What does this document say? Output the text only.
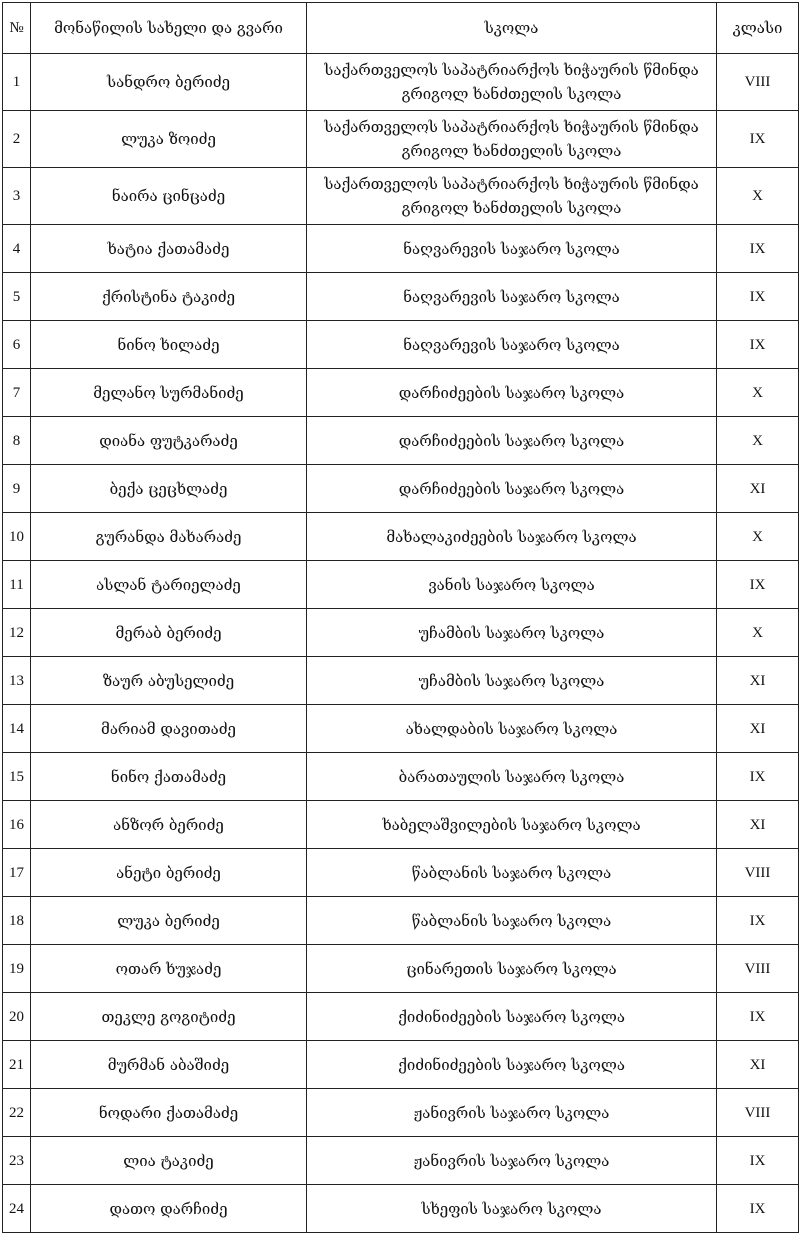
№	მონაწილის სახელი და გვარი	სკოლა	კლასი
1	სანდრო ბერიძე	საქართველოს საპატრიარქოს ხიჭაურის წმინდა გრიგოლ ხანძთელის სკოლა	VIII
2	ლუკა ზოიძე	საქართველოს საპატრიარქოს ხიჭაურის წმინდა გრიგოლ ხანძთელის სკოლა	IX
3	ნაირა ცინცაძე	საქართველოს საპატრიარქოს ხიჭაურის წმინდა გრიგოლ ხანძთელის სკოლა	X
4	ხატია ქათამაძე	ნაღვარევის საჯარო სკოლა	IX
5	ქრისტინა ტაკიძე	ნაღვარევის საჯარო სკოლა	IX
6	ნინო ხილაძე	ნაღვარევის საჯარო სკოლა	IX
7	მელანო სურმანიძე	დარჩიძეების საჯარო სკოლა	X
8	დიანა ფუტკარაძე	დარჩიძეების საჯარო სკოლა	X
9	ბექა ცეცხლაძე	დარჩიძეების საჯარო სკოლა	XI
10	გურანდა მახარაძე	მახალაკიძეების საჯარო სკოლა	X
11	ასლან ტარიელაძე	ვანის საჯარო სკოლა	IX
12	მერაბ ბერიძე	უჩამბის საჯარო სკოლა	X
13	ზაურ აბუსელიძე	უჩამბის საჯარო სკოლა	XI
14	მარიამ დავითაძე	ახალდაბის საჯარო სკოლა	XI
15	ნინო ქათამაძე	ბარათაულის საჯარო სკოლა	IX
16	ანზორ ბერიძე	ხაბელაშვილების საჯარო სკოლა	XI
17	ანეტი ბერიძე	წაბლანის საჯარო სკოლა	VIII
18	ლუკა ბერიძე	წაბლანის საჯარო სკოლა	IX
19	ოთარ ხუჯაძე	ცინარეთის საჯარო სკოლა	VIII
20	თეკლე გოგიტიძე	ქიძინიძეების საჯარო სკოლა	IX
21	მურმან აბაშიძე	ქიძინიძეების საჯარო სკოლა	XI
22	ნოდარი ქათამაძე	ჟანივრის საჯარო სკოლა	VIII
23	ლია ტაკიძე	ჟანივრის საჯარო სკოლა	IX
24	დათო დარჩიძე	სხეფის საჯარო სკოლა	IX
